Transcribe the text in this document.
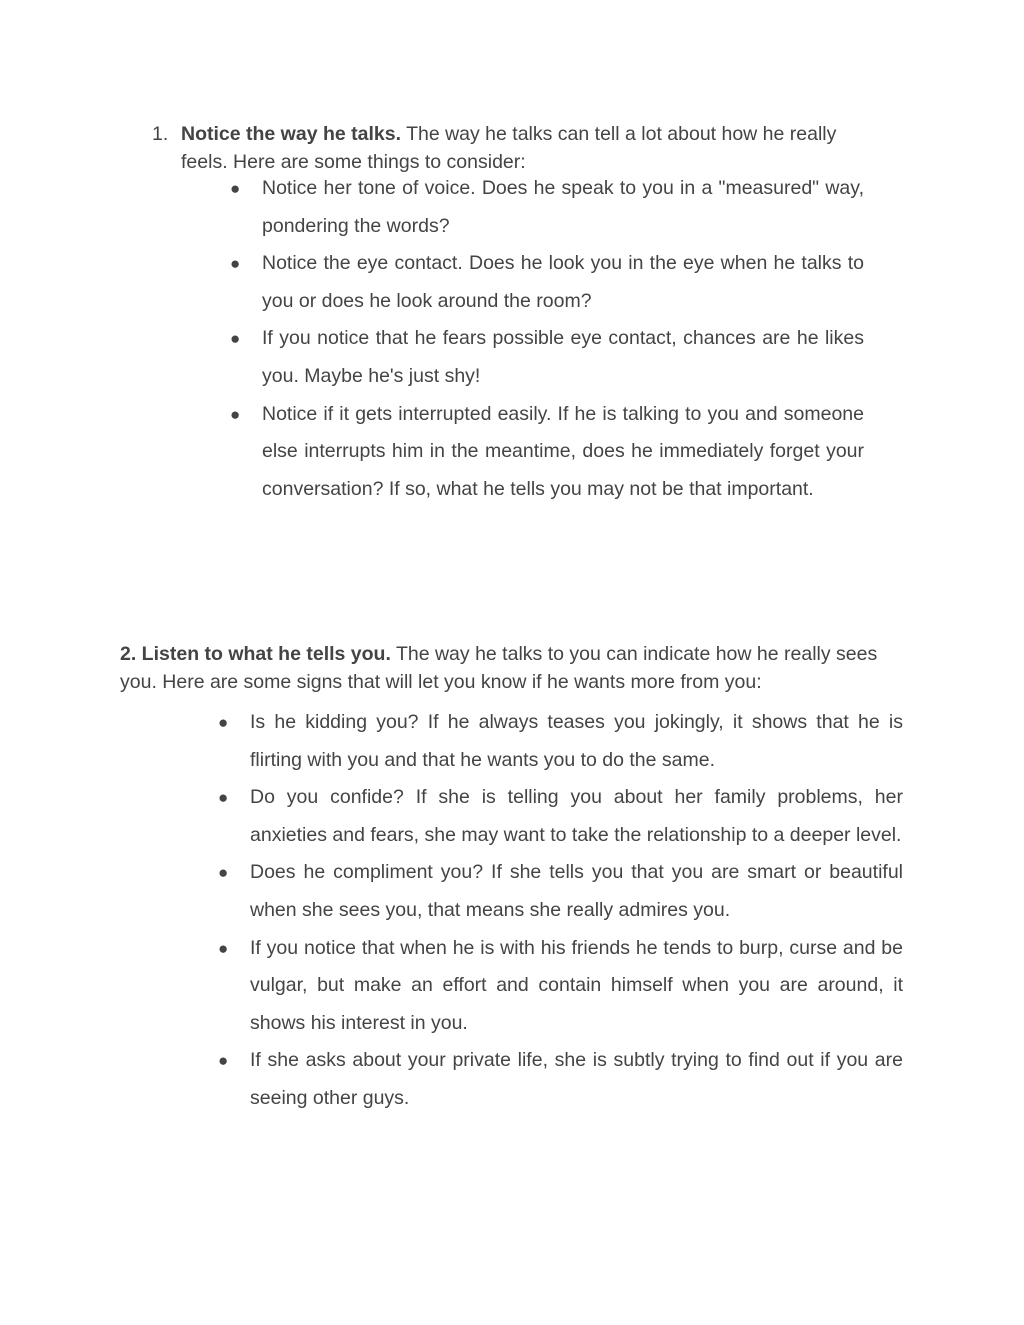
1. Notice the way he talks. The way he talks can tell a lot about how he really feels. Here are some things to consider:
● Notice her tone of voice. Does he speak to you in a "measured" way, pondering the words?
● Notice the eye contact. Does he look you in the eye when he talks to you or does he look around the room?
● If you notice that he fears possible eye contact, chances are he likes you. Maybe he's just shy!
● Notice if it gets interrupted easily. If he is talking to you and someone else interrupts him in the meantime, does he immediately forget your conversation? If so, what he tells you may not be that important.
2. Listen to what he tells you. The way he talks to you can indicate how he really sees you. Here are some signs that will let you know if he wants more from you:
● Is he kidding you? If he always teases you jokingly, it shows that he is flirting with you and that he wants you to do the same.
● Do you confide? If she is telling you about her family problems, her anxieties and fears, she may want to take the relationship to a deeper level.
● Does he compliment you? If she tells you that you are smart or beautiful when she sees you, that means she really admires you.
● If you notice that when he is with his friends he tends to burp, curse and be vulgar, but make an effort and contain himself when you are around, it shows his interest in you.
● If she asks about your private life, she is subtly trying to find out if you are seeing other guys.
